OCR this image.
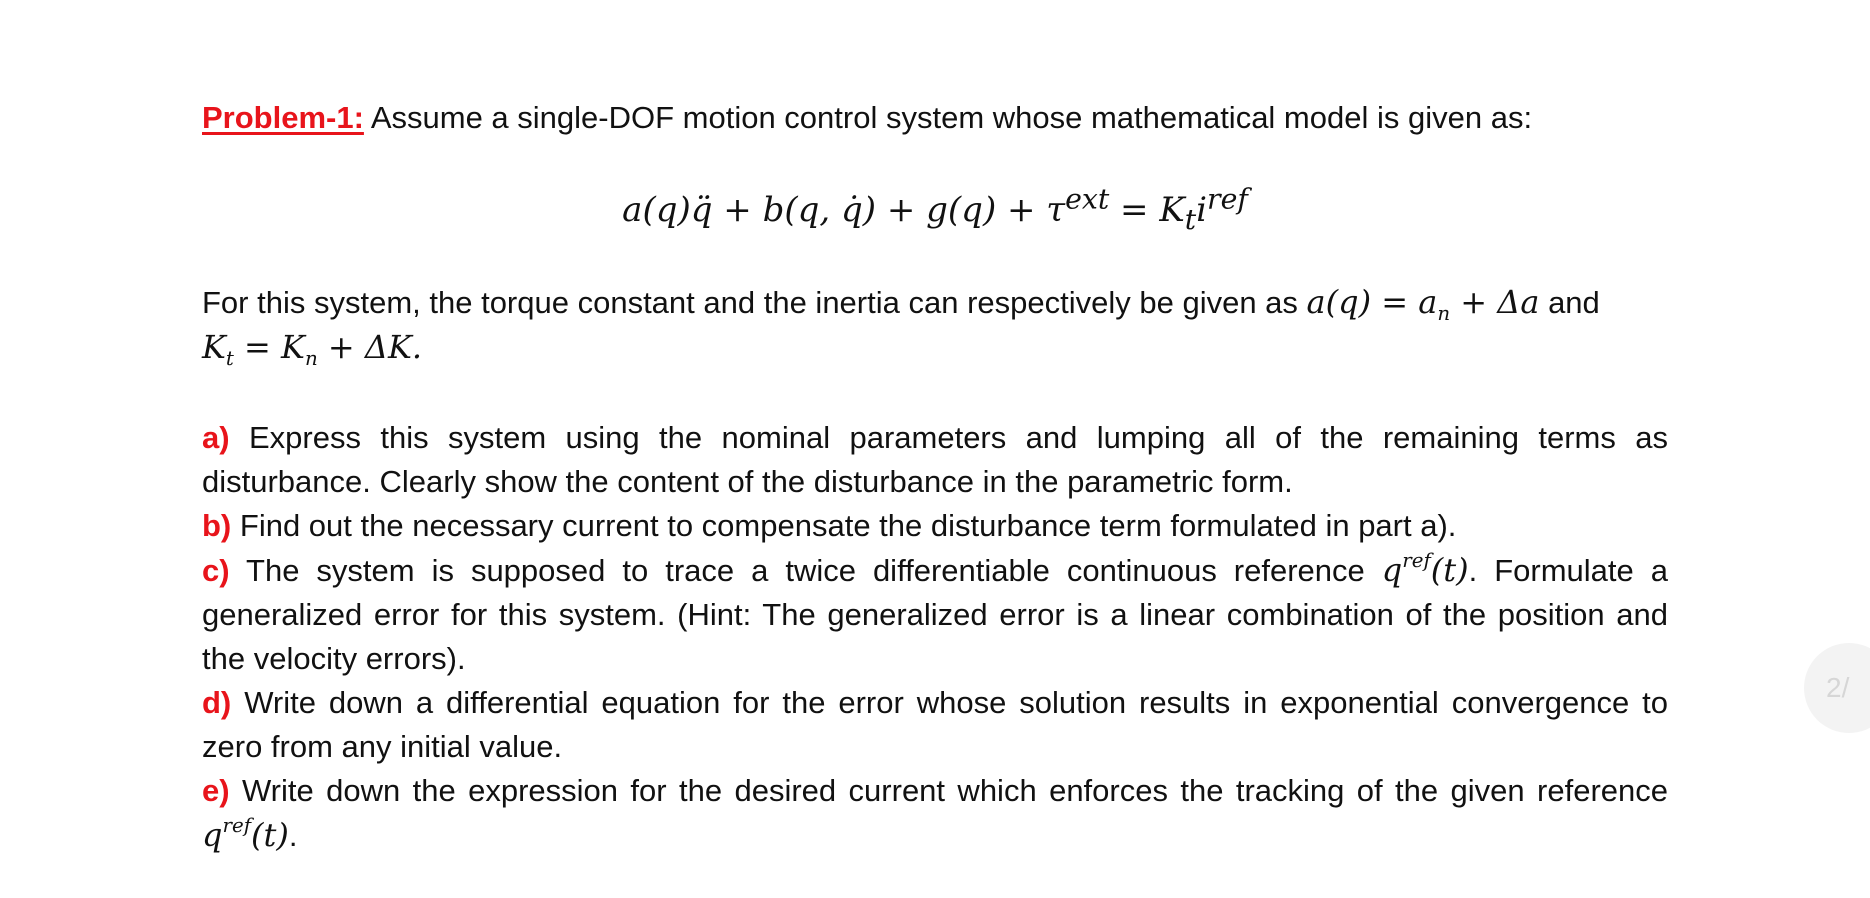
Problem-1: Assume a single-DOF motion control system whose mathematical model is given as:

a(q)q̈ + b(q, q̇) + $g(q) + \tau^{ext} = K_ti^{ref}$

For this system, the torque constant and the inertia can respectively be given as $a(q) = a_n + \Delta a$ and
$K_t = K_n + \Delta K$.

a) Express this system using the nominal parameters and lumping all of the remaining terms as disturbance. Clearly show the content of the disturbance in the parametric form.

b) Find out the necessary current to compensate the disturbance term formulated in part a).

c) The system is supposed to trace a twice differentiable continuous reference $q^{ref}(t)$. Formulate a generalized error for this system. (Hint: The generalized error is a linear combination of the position and the velocity errors).

d) Write down a differential equation for the error whose solution results in exponential convergence to zero from any initial value.

e) Write down the expression for the desired current which enforces the tracking of the given reference $q^{ref}(t)$.

2/
